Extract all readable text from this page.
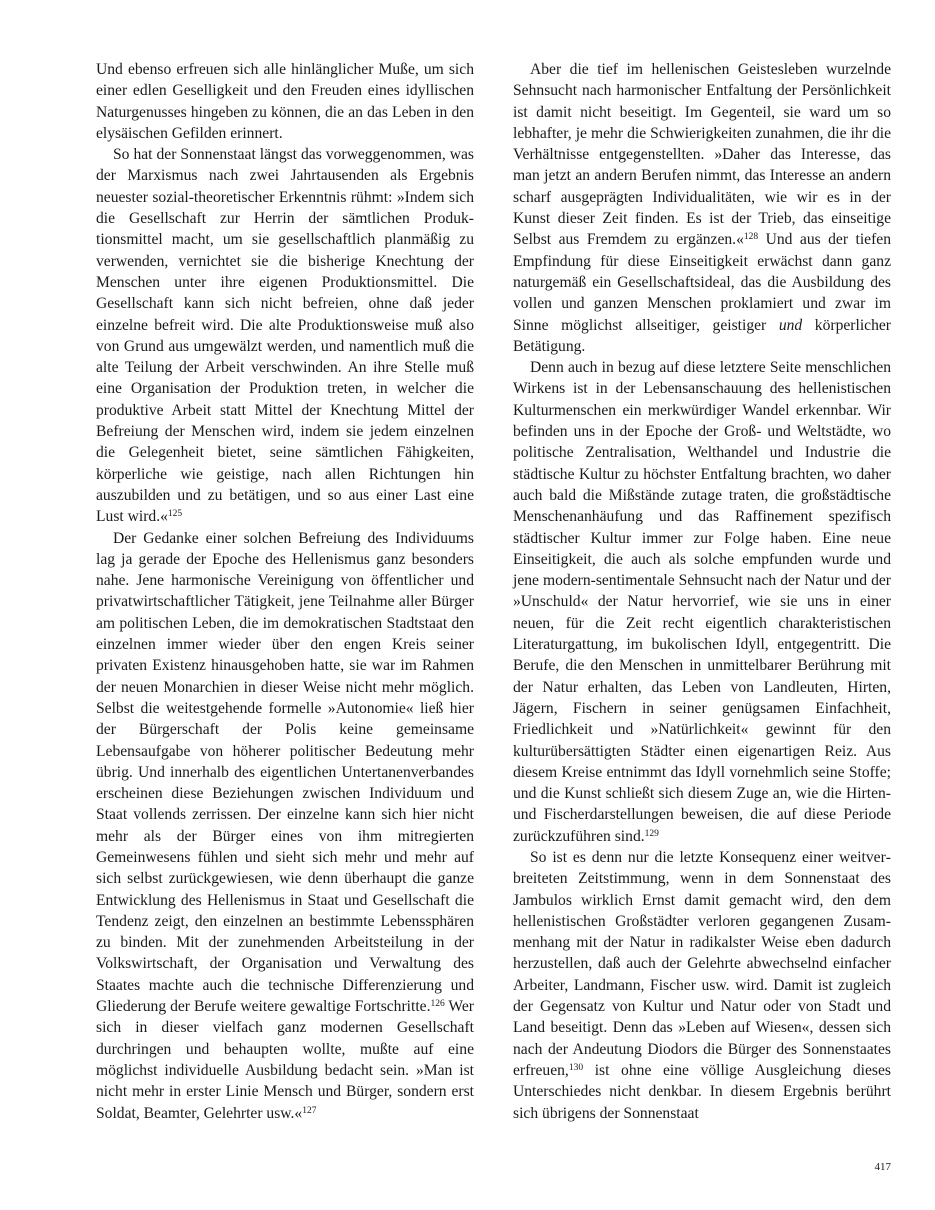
Und ebenso erfreuen sich alle hinlänglicher Muße, um sich einer edlen Geselligkeit und den Freuden eines idyllischen Naturgenusses hingeben zu können, die an das Leben in den elysäischen Gefilden erinnert.

So hat der Sonnenstaat längst das vorweggenommen, was der Marxismus nach zwei Jahrtausenden als Ergebnis neuester sozial-theoretischer Erkenntnis rühmt: »Indem sich die Gesellschaft zur Herrin der sämtlichen Produktionsmittel macht, um sie gesellschaftlich planmäßig zu verwenden, vernichtet sie die bisherige Knechtung der Menschen unter ihre eigenen Produktionsmittel. Die Gesellschaft kann sich nicht befreien, ohne daß jeder einzelne befreit wird. Die alte Produktionsweise muß also von Grund aus umgewälzt werden, und namentlich muß die alte Teilung der Arbeit verschwinden. An ihre Stelle muß eine Organisation der Produktion treten, in welcher die produktive Arbeit statt Mittel der Knechtung Mittel der Befreiung der Menschen wird, indem sie jedem einzelnen die Gelegenheit bietet, seine sämtlichen Fähigkeiten, körperliche wie geistige, nach allen Richtungen hin auszubilden und zu betätigen, und so aus einer Last eine Lust wird.«$^{125}$

Der Gedanke einer solchen Befreiung des Individuums lag ja gerade der Epoche des Hellenismus ganz besonders nahe. Jene harmonische Vereinigung von öffentlicher und privatwirtschaftlicher Tätigkeit, jene Teilnahme aller Bürger am politischen Leben, die im demokratischen Stadtstaat den einzelnen immer wieder über den engen Kreis seiner privaten Existenz hinausgehoben hatte, sie war im Rahmen der neuen Monarchien in dieser Weise nicht mehr möglich. Selbst die weitestgehende formelle »Autonomie« ließ hier der Bürgerschaft der Polis keine gemeinsame Lebensaufgabe von höherer politischer Bedeutung mehr übrig. Und innerhalb des eigentlichen Untertanenverbandes erscheinen diese Beziehungen zwischen Individuum und Staat vollends zerrissen. Der einzelne kann sich hier nicht mehr als der Bürger eines von ihm mitregierten Gemeinwesens fühlen und sieht sich mehr und mehr auf sich selbst zurückgewiesen, wie denn überhaupt die ganze Entwicklung des Hellenismus in Staat und Gesellschaft die Tendenz zeigt, den einzelnen an bestimmte Lebenssphären zu binden. Mit der zunehmenden Arbeitsteilung in der Volkswirtschaft, der Organisation und Verwaltung des Staates machte auch die technische Differenzierung und Gliederung der Berufe weitere gewaltige Fortschritte.$^{126}$ Wer sich in dieser vielfach ganz modernen Gesellschaft durchringen und behaupten wollte, mußte auf eine möglichst individuelle Ausbildung bedacht sein. »Man ist nicht mehr in erster Linie Mensch und Bürger, sondern erst Soldat, Beamter, Gelehrter usw.«$^{127}$

Aber die tief im hellenischen Geistesleben wurzelnde Sehnsucht nach harmonischer Entfaltung der Persönlichkeit ist damit nicht beseitigt. Im Gegenteil, sie ward um so lebhafter, je mehr die Schwierigkeiten zunahmen, die ihr die Verhältnisse entgegenstellten. »Daher das Interesse, das man jetzt an andern Berufen nimmt, das Interesse an andern scharf ausgeprägten Individualitäten, wie wir es in der Kunst dieser Zeit finden. Es ist der Trieb, das einseitige Selbst aus Fremdem zu ergänzen.«$^{128}$ Und aus der tiefen Empfindung für diese Einseitigkeit erwächst dann ganz naturgemäß ein Gesellschaftsideal, das die Ausbildung des vollen und ganzen Menschen proklamiert und zwar im Sinne möglichst allseitiger, geistiger und körperlicher Betätigung.

Denn auch in bezug auf diese letztere Seite menschlichen Wirkens ist in der Lebensanschauung des hellenistischen Kulturmenschen ein merkwürdiger Wandel erkennbar. Wir befinden uns in der Epoche der Groß- und Weltstädte, wo politische Zentralisation, Welthandel und Industrie die städtische Kultur zu höchster Entfaltung brachten, wo daher auch bald die Mißstände zutage traten, die großstädtische Menschenanhäufung und das Raffinement spezifisch städtischer Kultur immer zur Folge haben. Eine neue Einseitigkeit, die auch als solche empfunden wurde und jene modern-sentimentale Sehnsucht nach der Natur und der »Unschuld« der Natur hervorrief, wie sie uns in einer neuen, für die Zeit recht eigentlich charakteristischen Literaturgattung, im bukolischen Idyll, entgegentritt. Die Berufe, die den Menschen in unmittelbarer Berührung mit der Natur erhalten, das Leben von Landleuten, Hirten, Jägern, Fischern in seiner genügsamen Einfachheit, Friedlichkeit und »Natürlichkeit« gewinnt für den kulturübersättigten Städter einen eigenartigen Reiz. Aus diesem Kreise entnimmt das Idyll vornehmlich seine Stoffe; und die Kunst schließt sich diesem Zuge an, wie die Hirten- und Fischerdarstellungen beweisen, die auf diese Periode zurückzuführen sind.$^{129}$

So ist es denn nur die letzte Konsequenz einer weitverbreiteten Zeitstimmung, wenn in dem Sonnenstaat des Jambulos wirklich Ernst damit gemacht wird, den dem hellenistischen Großstädter verloren gegangenen Zusammenhang mit der Natur in radikalster Weise eben dadurch herzustellen, daß auch der Gelehrte abwechselnd einfacher Arbeiter, Landmann, Fischer usw. wird. Damit ist zugleich der Gegensatz von Kultur und Natur oder von Stadt und Land beseitigt. Denn das »Leben auf Wiesen«, dessen sich nach der Andeutung Diodors die Bürger des Sonnenstaates erfreuen,$^{130}$ ist ohne eine völlige Ausgleichung dieses Unterschiedes nicht denkbar. In diesem Ergebnis berührt sich übrigens der Sonnenstaat

417
